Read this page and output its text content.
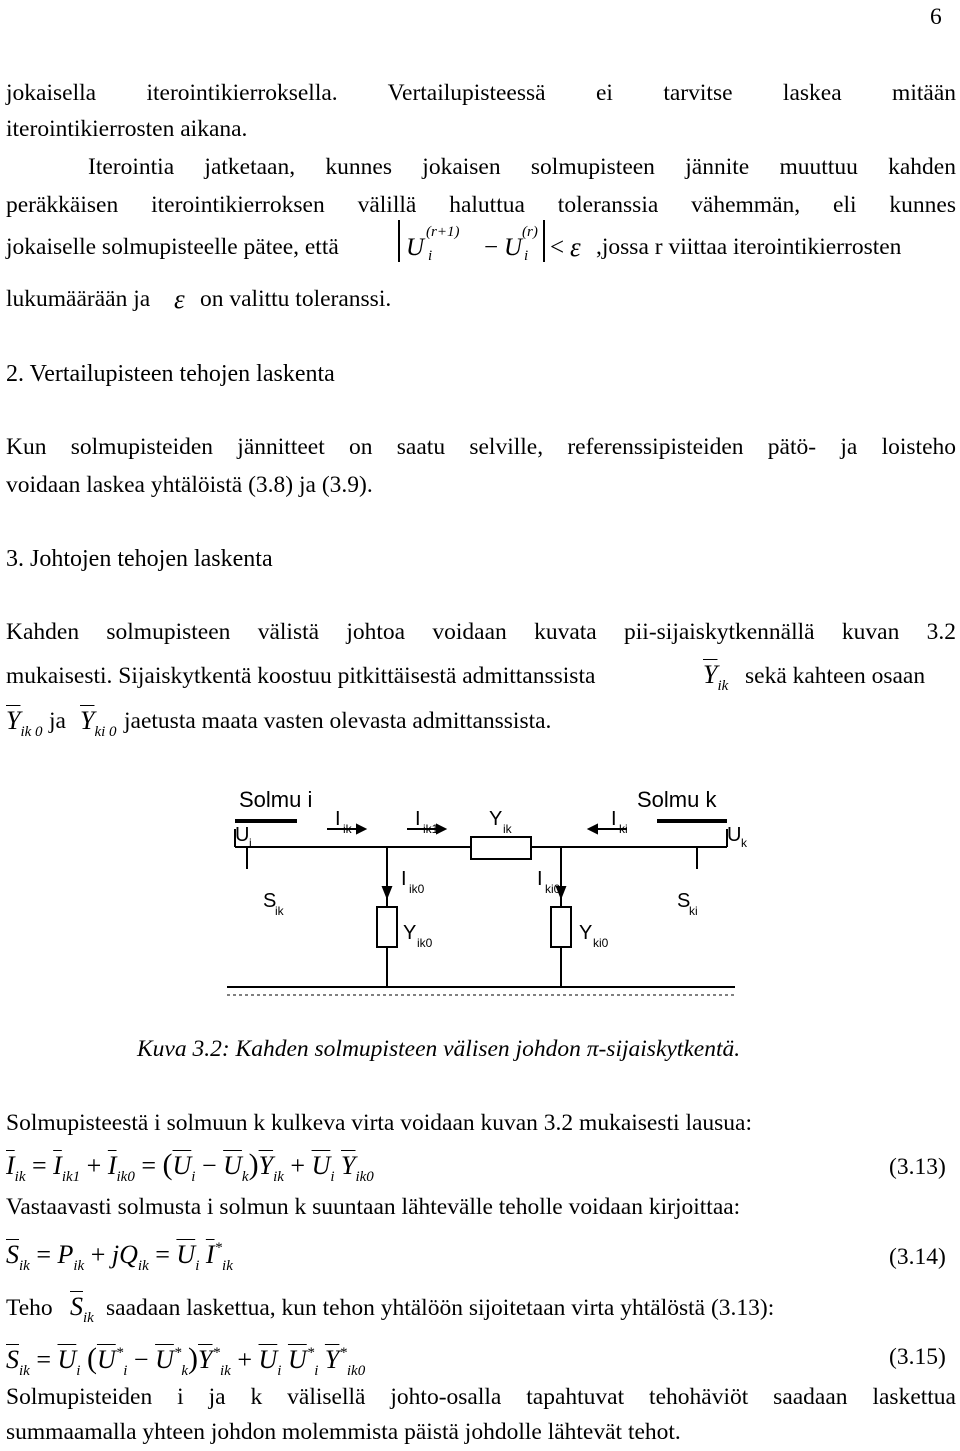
6
jokaisella iterointikierroksella. Vertailupisteessä ei tarvitse laskea mitään
iterointikierrosten aikana.
Iterointia jatketaan, kunnes jokaisen solmupisteen jännite muuttuu kahden
peräkkäisen iterointikierroksen välillä haluttua toleranssia vähemmän, eli kunnes
jokaiselle solmupisteelle pätee, että	U
(r+1)
i − U
(r)
i < ε ,jossa r viittaa iterointikierrosten
lukumäärään ja ε on valittu toleranssi.
2. Vertailupisteen tehojen laskenta
Kun solmupisteiden jännitteet on saatu selville, referenssipisteiden pätö- ja loisteho
voidaan laskea yhtälöistä (3.8) ja (3.9).
3. Johtojen tehojen laskenta
Kahden solmupisteen välistä johtoa voidaan kuvata pii-sijaiskytkennällä kuvan 3.2
mukaisesti. Sijaiskytkentä koostuu pitkittäisestä admittanssista	$\overline{Y}_{ik}$ sekä kahteen osaan
$\overline{Y}_{ik 0}$ ja $\overline{Y}_{ki 0}$ jaetusta maata vasten olevasta admittanssista.
Solmu i	Solmu k
U i	U k
I ik	I ik1	Y ik	I ki
I ik0	I ki0
S
ik	S
ki
Y ik0	Y ki0
Kuva 3.2: Kahden solmupisteen välisen johdon π-sijaiskytkentä.
Solmupisteestä i solmuun k kulkeva virta voidaan kuvan 3.2 mukaisesti lausua:
$\overline{I}_{ik} = \overline{I}_{ik1} + \overline{I}_{ik0} = (\overline{U}_i - \overline{U}_k)\overline{Y}_{ik} + \overline{U}_i$ $\overline{Y}_{ik0}$	(3.13)
Vastaavasti solmusta i solmun k suuntaan lähtevälle teholle voidaan kirjoittaa:
$\overline{S}_{ik} = P_{ik} + jQ_{ik} = \overline{U}_i$ $\overline{I}^*_{ik}$	(3.14)
Teho $\overline{S}_{ik}$ saadaan laskettua, kun tehon yhtälöön sijoitetaan virta yhtälöstä (3.13):
$\overline{S}_{ik} = \overline{U}_i$ $(\overline{U}^*_i - \overline{U}^*_k)\overline{Y}^*_{ik} + \overline{U}_i$ $\overline{U}^*_i$ $\overline{Y}^*_{ik0}$
(3.15)
Solmupisteiden i ja k välisellä johto-osalla tapahtuvat tehohäviöt saadaan laskettua
summaamalla yhteen johdon molemmista päistä johdolle lähtevät tehot.
